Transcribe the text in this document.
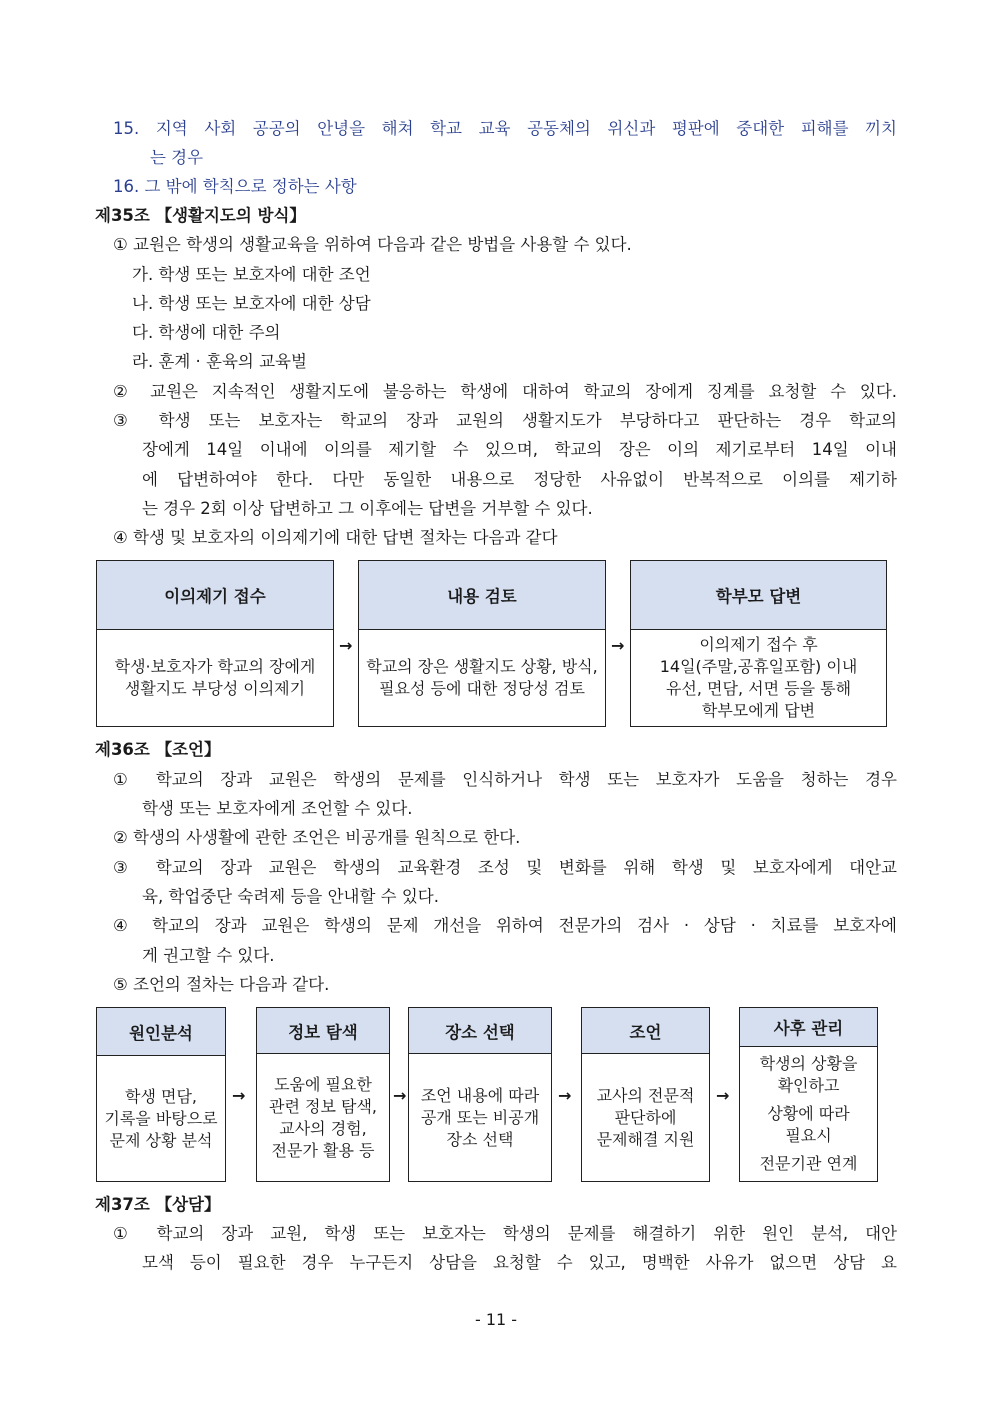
15. 지역 사회 공공의 안녕을 해쳐 학교 교육 공동체의 위신과 평판에 중대한 피해를 끼치
는 경우
16. 그 밖에 학칙으로 정하는 사항
제35조 【생활지도의 방식】
① 교원은 학생의 생활교육을 위하여 다음과 같은 방법을 사용할 수 있다.
가. 학생 또는 보호자에 대한 조언
나. 학생 또는 보호자에 대한 상담
다. 학생에 대한 주의
라. 훈계 · 훈육의 교육벌
② 교원은 지속적인 생활지도에 불응하는 학생에 대하여 학교의 장에게 징계를 요청할 수 있다.
③ 학생 또는 보호자는 학교의 장과 교원의 생활지도가 부당하다고 판단하는 경우 학교의
장에게 14일 이내에 이의를 제기할 수 있으며, 학교의 장은 이의 제기로부터 14일 이내
에 답변하여야 한다. 다만 동일한 내용으로 정당한 사유없이 반복적으로 이의를 제기하
는 경우 2회 이상 답변하고 그 이후에는 답변을 거부할 수 있다.
④ 학생 및 보호자의 이의제기에 대한 답변 절차는 다음과 같다
이의제기 접수
학생·보호자가 학교의 장에게
생활지도 부당성 이의제기
→
내용 검토
학교의 장은 생활지도 상황, 방식,
필요성 등에 대한 정당성 검토
→
학부모 답변
이의제기 접수 후
14일(주말,공휴일포함) 이내
유선, 면담, 서면 등을 통해
학부모에게 답변
제36조 【조언】
① 학교의 장과 교원은 학생의 문제를 인식하거나 학생 또는 보호자가 도움을 청하는 경우
학생 또는 보호자에게 조언할 수 있다.
② 학생의 사생활에 관한 조언은 비공개를 원칙으로 한다.
③ 학교의 장과 교원은 학생의 교육환경 조성 및 변화를 위해 학생 및 보호자에게 대안교
육, 학업중단 숙려제 등을 안내할 수 있다.
④ 학교의 장과 교원은 학생의 문제 개선을 위하여 전문가의 검사 · 상담 · 치료를 보호자에
게 권고할 수 있다.
⑤ 조언의 절차는 다음과 같다.
원인분석
학생 면담,
기록을 바탕으로
문제 상황 분석
→
정보 탐색
도움에 필요한
관련 정보 탐색,
교사의 경험,
전문가 활용 등
→
장소 선택
조언 내용에 따라
공개 또는 비공개
장소 선택
→
조언
교사의 전문적
판단하에
문제해결 지원
→
사후 관리
학생의 상황을
확인하고
상황에 따라
필요시
전문기관 연계
제37조 【상담】
① 학교의 장과 교원, 학생 또는 보호자는 학생의 문제를 해결하기 위한 원인 분석, 대안
모색 등이 필요한 경우 누구든지 상담을 요청할 수 있고, 명백한 사유가 없으면 상담 요
- 11 -
